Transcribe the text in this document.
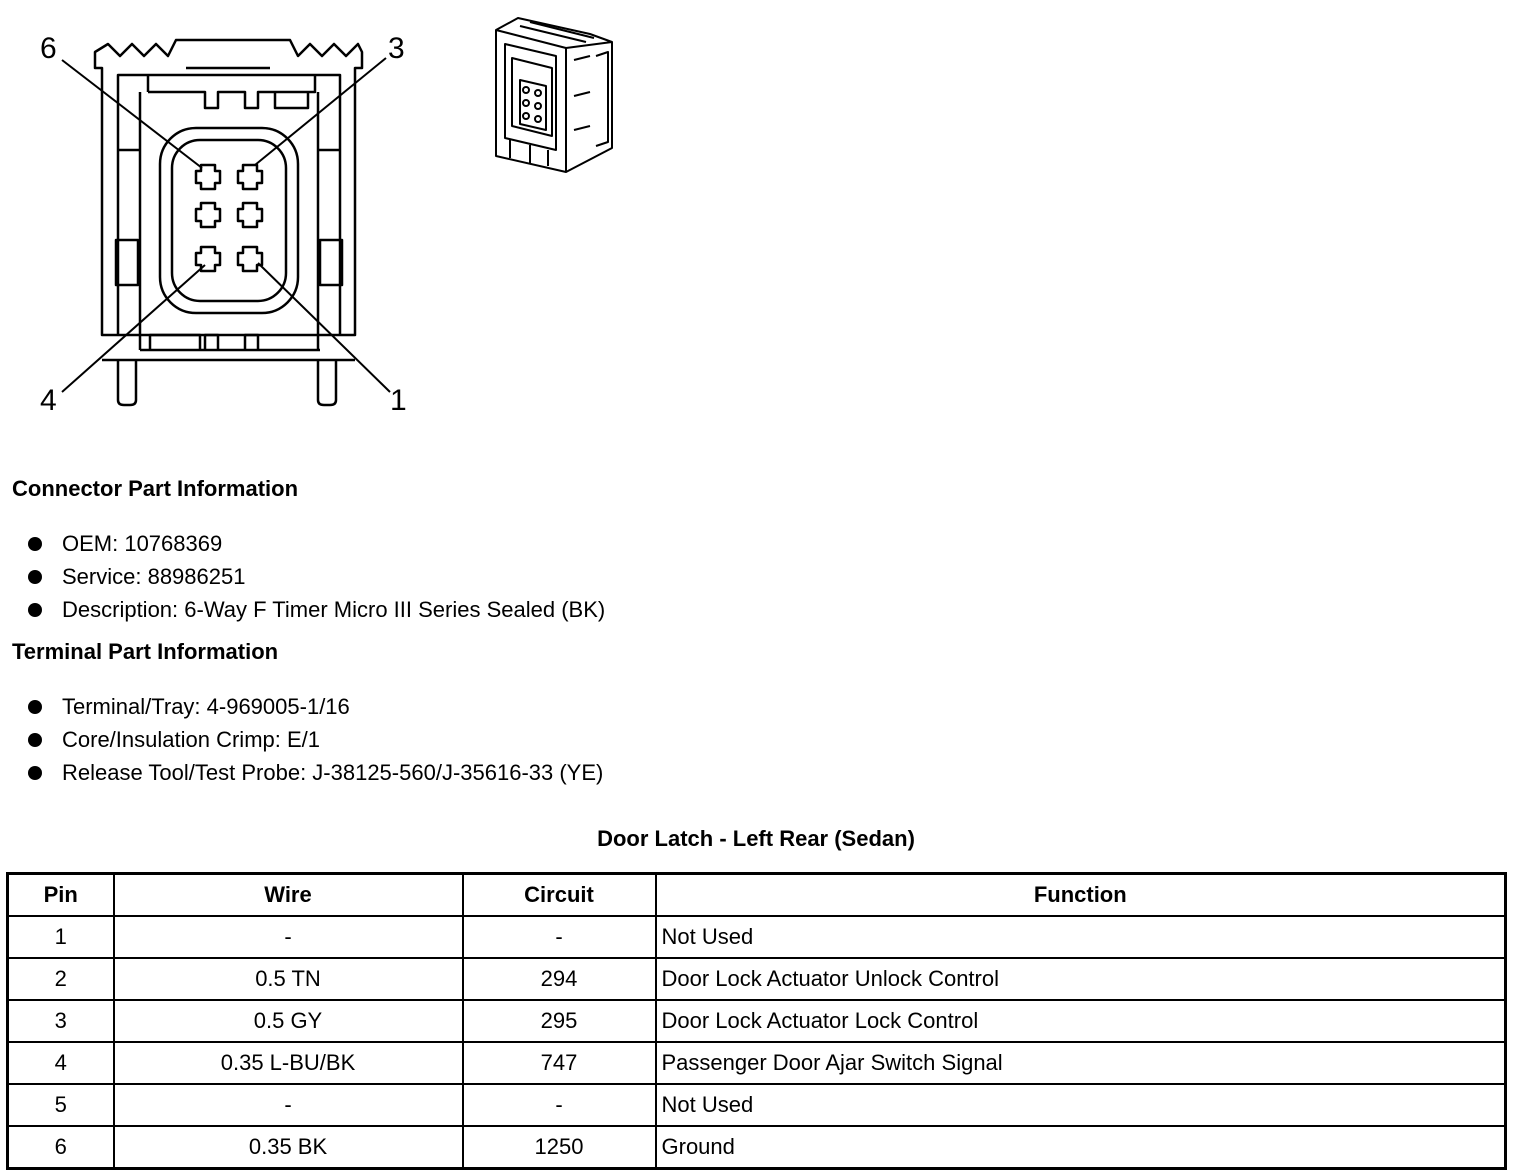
6	3
4	1
Connector Part Information
OEM: 10768369
Service: 88986251
Description: 6-Way F Timer Micro III Series Sealed (BK)
Terminal Part Information
Terminal/Tray: 4-969005-1/16
Core/Insulation Crimp: E/1
Release Tool/Test Probe: J-38125-560/J-35616-33 (YE)
Door Latch - Left Rear (Sedan)
Pin	Wire	Circuit	Function
1	-	-	Not Used
2	0.5 TN	294	Door Lock Actuator Unlock Control
3	0.5 GY	295	Door Lock Actuator Lock Control
4	0.35 L-BU/BK	747	Passenger Door Ajar Switch Signal
5	-	-	Not Used
6	0.35 BK	1250	Ground
